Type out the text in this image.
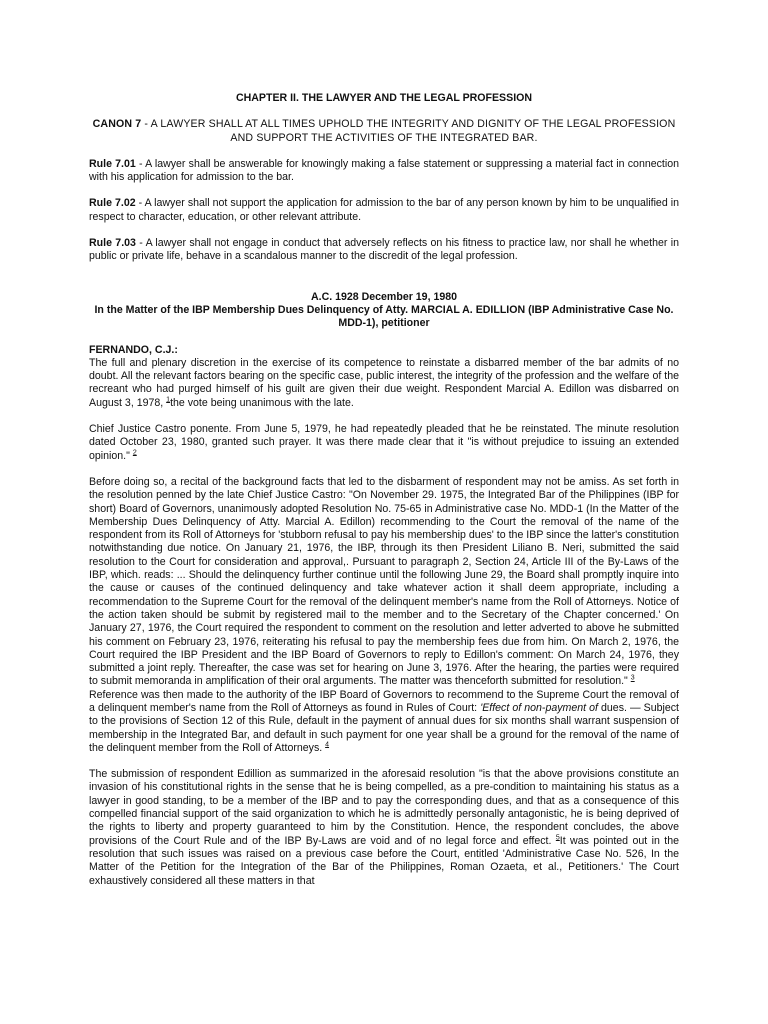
CHAPTER II. THE LAWYER AND THE LEGAL PROFESSION

CANON 7 - A LAWYER SHALL AT ALL TIMES UPHOLD THE INTEGRITY AND DIGNITY OF THE LEGAL PROFESSION AND SUPPORT THE ACTIVITIES OF THE INTEGRATED BAR.

Rule 7.01 - A lawyer shall be answerable for knowingly making a false statement or suppressing a material fact in connection with his application for admission to the bar.

Rule 7.02 - A lawyer shall not support the application for admission to the bar of any person known by him to be unqualified in respect to character, education, or other relevant attribute.

Rule 7.03 - A lawyer shall not engage in conduct that adversely reflects on his fitness to practice law, nor shall he whether in public or private life, behave in a scandalous manner to the discredit of the legal profession.

A.C. 1928 December 19, 1980

In the Matter of the IBP Membership Dues Delinquency of Atty. MARCIAL A. EDILLION (IBP Administrative Case No. MDD-1), petitioner

FERNANDO, C.J.:

The full and plenary discretion in the exercise of its competence to reinstate a disbarred member of the bar admits of no doubt. All the relevant factors bearing on the specific case, public interest, the integrity of the profession and the welfare of the recreant who had purged himself of his guilt are given their due weight. Respondent Marcial A. Edillon was disbarred on August 3, 1978, $^1$the vote being unanimous with the late.

Chief Justice Castro ponente. From June 5, 1979, he had repeatedly pleaded that he be reinstated. The minute resolution dated October 23, 1980, granted such prayer. It was there made clear that it "is without prejudice to issuing an extended opinion." $^2$

Before doing so, a recital of the background facts that led to the disbarment of respondent may not be amiss. As set forth in the resolution penned by the late Chief Justice Castro: "On November 29. 1975, the Integrated Bar of the Philippines (IBP for short) Board of Governors, unanimously adopted Resolution No. 75-65 in Administrative case No. MDD-1 (In the Matter of the Membership Dues Delinquency of Atty. Marcial A. Edillon) recommending to the Court the removal of the name of the respondent from its Roll of Attorneys for 'stubborn refusal to pay his membership dues' to the IBP since the latter's constitution notwithstanding due notice. On January 21, 1976, the IBP, through its then President Liliano B. Neri, submitted the said resolution to the Court for consideration and approval,. Pursuant to paragraph 2, Section 24, Article III of the By-Laws of the IBP, which. reads: ... Should the delinquency further continue until the following June 29, the Board shall promptly inquire into the cause or causes of the continued delinquency and take whatever action it shall deem appropriate, including a recommendation to the Supreme Court for the removal of the delinquent member's name from the Roll of Attorneys. Notice of the action taken should be submit by registered mail to the member and to the Secretary of the Chapter concerned.' On January 27, 1976, the Court required the respondent to comment on the resolution and letter adverted to above he submitted his comment on February 23, 1976, reiterating his refusal to pay the membership fees due from him. On March 2, 1976, the Court required the IBP President and the IBP Board of Governors to reply to Edillon's comment: On March 24, 1976, they submitted a joint reply. Thereafter, the case was set for hearing on June 3, 1976. After the hearing, the parties were required to submit memoranda in amplification of their oral arguments. The matter was thenceforth submitted for resolution." $^3$

Reference was then made to the authority of the IBP Board of Governors to recommend to the Supreme Court the removal of a delinquent member's name from the Roll of Attorneys as found in Rules of Court: 'Effect of non-payment of dues. — Subject to the provisions of Section 12 of this Rule, default in the payment of annual dues for six months shall warrant suspension of membership in the Integrated Bar, and default in such payment for one year shall be a ground for the removal of the name of the delinquent member from the Roll of Attorneys. $^4$

The submission of respondent Edillion as summarized in the aforesaid resolution "is that the above provisions constitute an invasion of his constitutional rights in the sense that he is being compelled, as a pre-condition to maintaining his status as a lawyer in good standing, to be a member of the IBP and to pay the corresponding dues, and that as a consequence of this compelled financial support of the said organization to which he is admittedly personally antagonistic, he is being deprived of the rights to liberty and property guaranteed to him by the Constitution. Hence, the respondent concludes, the above provisions of the Court Rule and of the IBP By-Laws are void and of no legal force and effect. $^5$It was pointed out in the resolution that such issues was raised on a previous case before the Court, entitled 'Administrative Case No. 526, In the Matter of the Petition for the Integration of the Bar of the Philippines, Roman Ozaeta, et al., Petitioners.' The Court exhaustively considered all these matters in that
